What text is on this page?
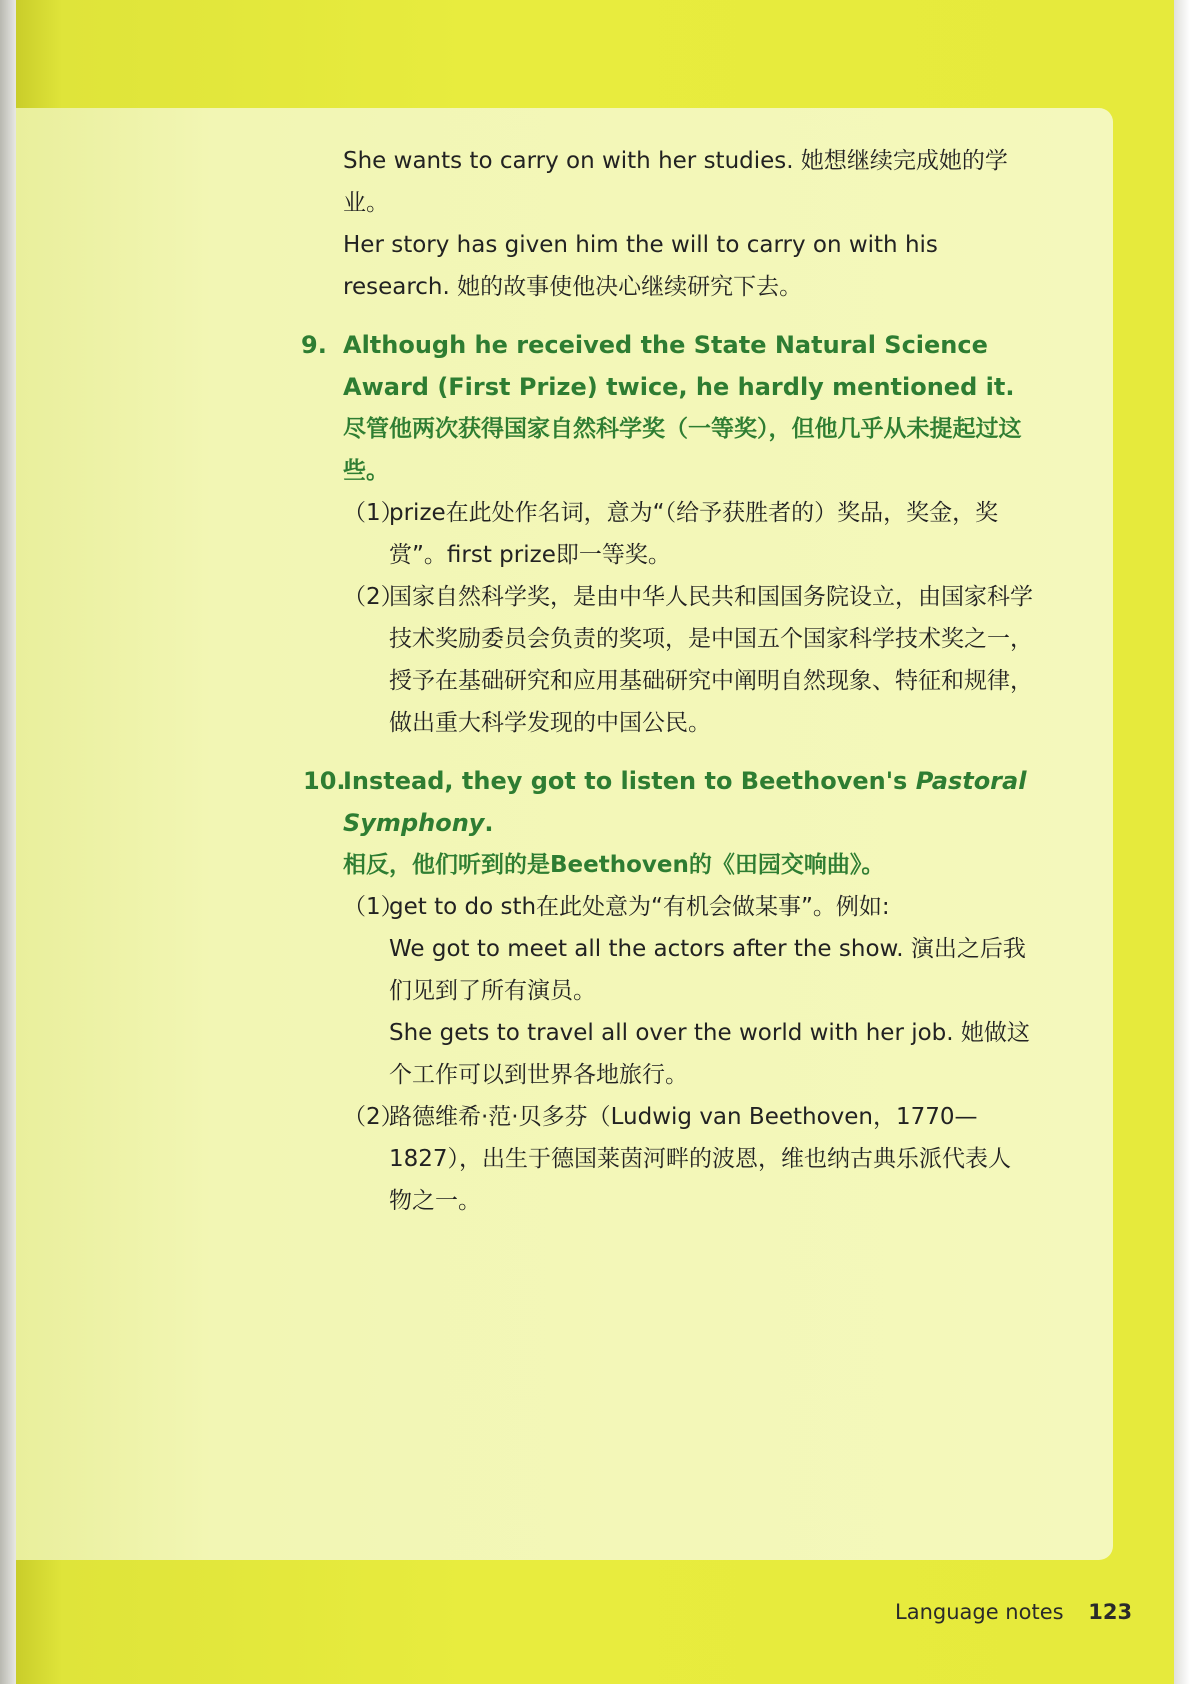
She wants to carry on with her studies. 她想继续完成她的学业。

Her story has given him the will to carry on with his research. 她的故事使他决心继续研究下去。

9. Although he received the State Natural Science Award (First Prize) twice, he hardly mentioned it.

尽管他两次获得国家自然科学奖（一等奖），但他几乎从未提起过这些。

（1）
prize在此处作名词，意为“（给予获胜者的）奖品，奖金，奖赏”。first prize即一等奖。

（2）
国家自然科学奖，是由中华人民共和国国务院设立，由国家科学技术奖励委员会负责的奖项，是中国五个国家科学技术奖之一，授予在基础研究和应用基础研究中阐明自然现象、特征和规律，做出重大科学发现的中国公民。

10.
Instead, they got to listen to Beethoven's Pastoral Symphony.

相反，他们听到的是Beethoven的《田园交响曲》。

（1）
get to do sth在此处意为“有机会做某事”。例如:

We got to meet all the actors after the show. 演出之后我们见到了所有演员。

She gets to travel all over the world with her job. 她做这个工作可以到世界各地旅行。

（2）
路德维希·范·贝多芬（Ludwig van Beethoven，1770—1827），出生于德国莱茵河畔的波恩，维也纳古典乐派代表人物之一。

Language notes 123
